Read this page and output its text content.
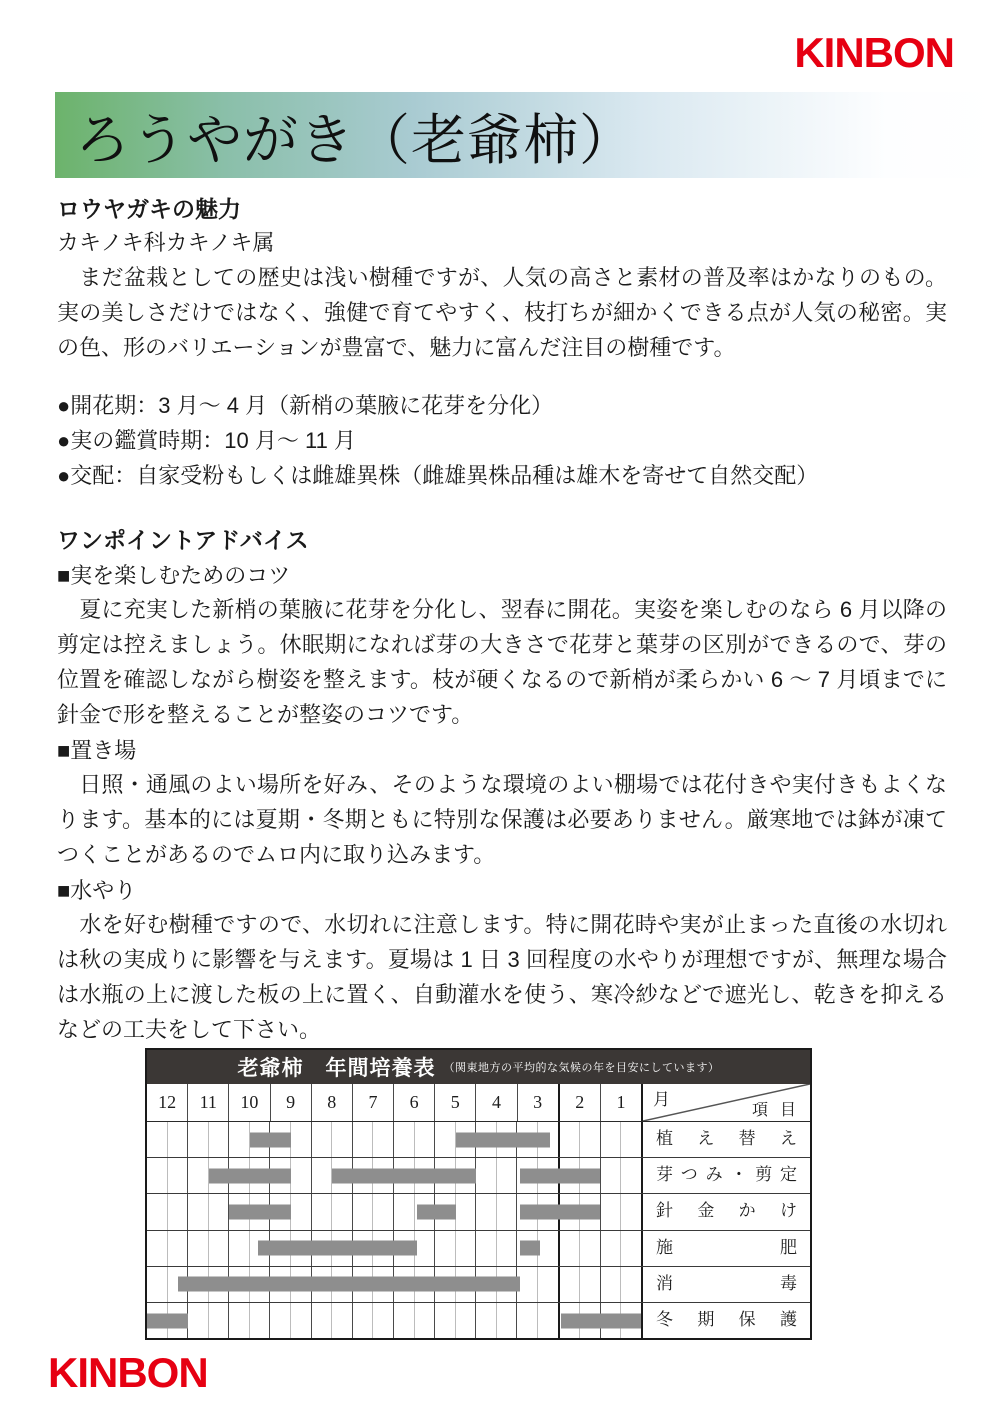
KINBON
ろうやがき（老爺柿）
ロウヤガキの魅力
カキノキ科カキノキ属
　まだ盆栽としての歴史は浅い樹種ですが、人気の高さと素材の普及率はかなりのもの。実の美しさだけではなく、強健で育てやすく、枝打ちが細かくできる点が人気の秘密。実の色、形のバリエーションが豊富で、魅力に富んだ注目の樹種です。
●開花期：3 月～ 4 月（新梢の葉腋に花芽を分化）
●実の鑑賞時期：10 月～ 11 月
●交配：自家受粉もしくは雌雄異株（雌雄異株品種は雄木を寄せて自然交配）
ワンポイントアドバイス
■実を楽しむためのコツ
　夏に充実した新梢の葉腋に花芽を分化し、翌春に開花。実姿を楽しむのなら 6 月以降の剪定は控えましょう。休眠期になれば芽の大きさで花芽と葉芽の区別ができるので、芽の位置を確認しながら樹姿を整えます。枝が硬くなるので新梢が柔らかい 6 ～ 7 月頃までに針金で形を整えることが整姿のコツです。
■置き場
　日照・通風のよい場所を好み、そのような環境のよい棚場では花付きや実付きもよくなります。基本的には夏期・冬期ともに特別な保護は必要ありません。厳寒地では鉢が凍てつくことがあるのでムロ内に取り込みます。
■水やり
　水を好む樹種ですので、水切れに注意します。特に開花時や実が止まった直後の水切れは秋の実成りに影響を与えます。夏場は 1 日 3 回程度の水やりが理想ですが、無理な場合は水瓶の上に渡した板の上に置く、自動灌水を使う、寒冷紗などで遮光し、乾きを抑えるなどの工夫をして下さい。
老爺柿　年間培養表 （関東地方の平均的な気候の年を目安にしています）
12	11	10	9	8	7	6	5	4	3	2	1	月
項 目
植え替え
芽つみ・剪定
針金かけ
施肥
消毒
冬期保護
KINBON
